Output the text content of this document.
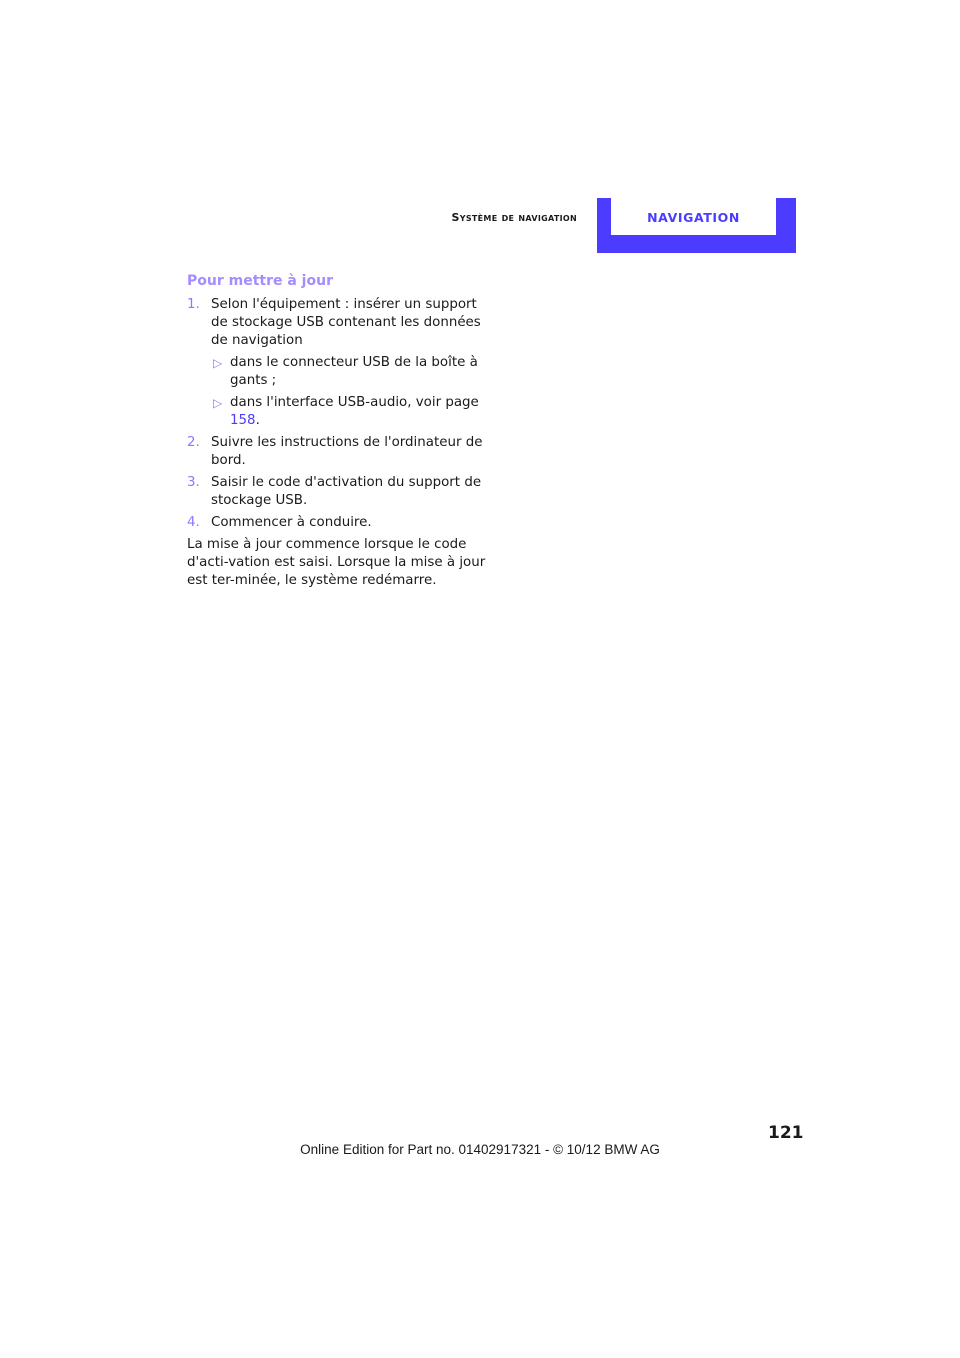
Système de navigation	NAVIGATION
Pour mettre à jour
1. Selon l'équipement : insérer un support de stockage USB contenant les données de navigation
▷ dans le connecteur USB de la boîte à gants ;
▷ dans l'interface USB-audio, voir page 158.
2. Suivre les instructions de l'ordinateur de bord.
3. Saisir le code d'activation du support de stockage USB.
4. Commencer à conduire.

La mise à jour commence lorsque le code d'acti-vation est saisi. Lorsque la mise à jour est ter-minée, le système redémarre.

121
Online Edition for Part no. 01402917321 - © 10/12 BMW AG
